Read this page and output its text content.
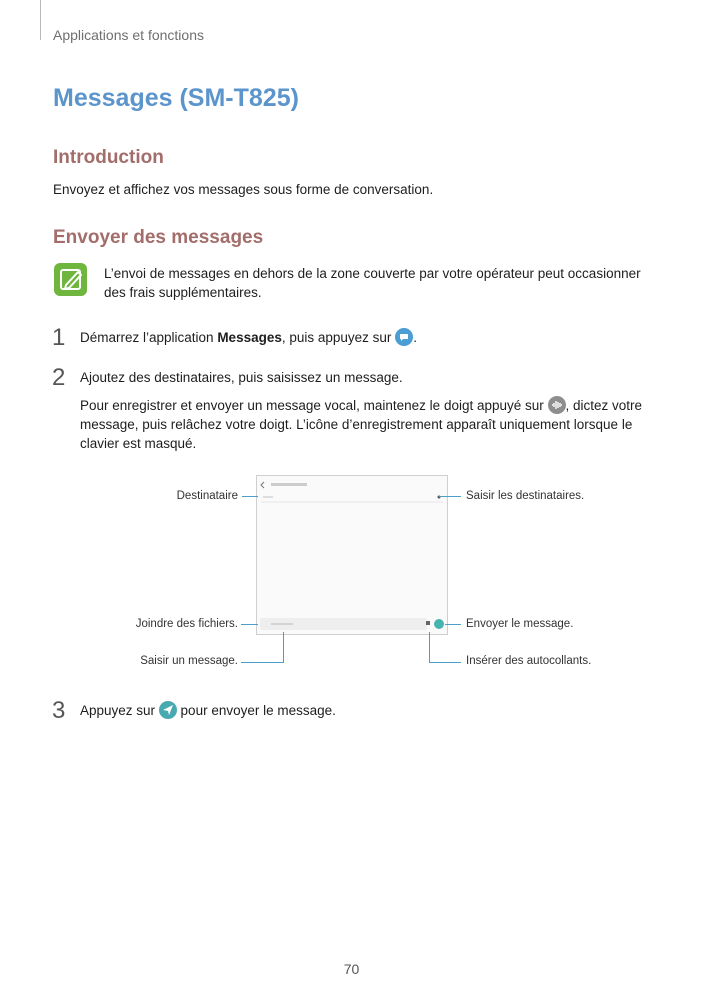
Applications et fonctions
Messages (SM-T825)
Introduction
Envoyez et affichez vos messages sous forme de conversation.
Envoyer des messages
L’envoi de messages en dehors de la zone couverte par votre opérateur peut occasionner
des frais supplémentaires.
1 Démarrez l’application Messages, puis appuyez sur .
2 Ajoutez des destinataires, puis saisissez un message.
Pour enregistrer et envoyer un message vocal, maintenez le doigt appuyé sur , dictez votre
message, puis relâchez votre doigt. L’icône d’enregistrement apparaît uniquement lorsque le
clavier est masqué.
Destinataire	Saisir les destinataires.
Joindre des fichiers.	Envoyer le message.
Saisir un message.	Insérer des autocollants.
3 Appuyez sur  pour envoyer le message.
70
